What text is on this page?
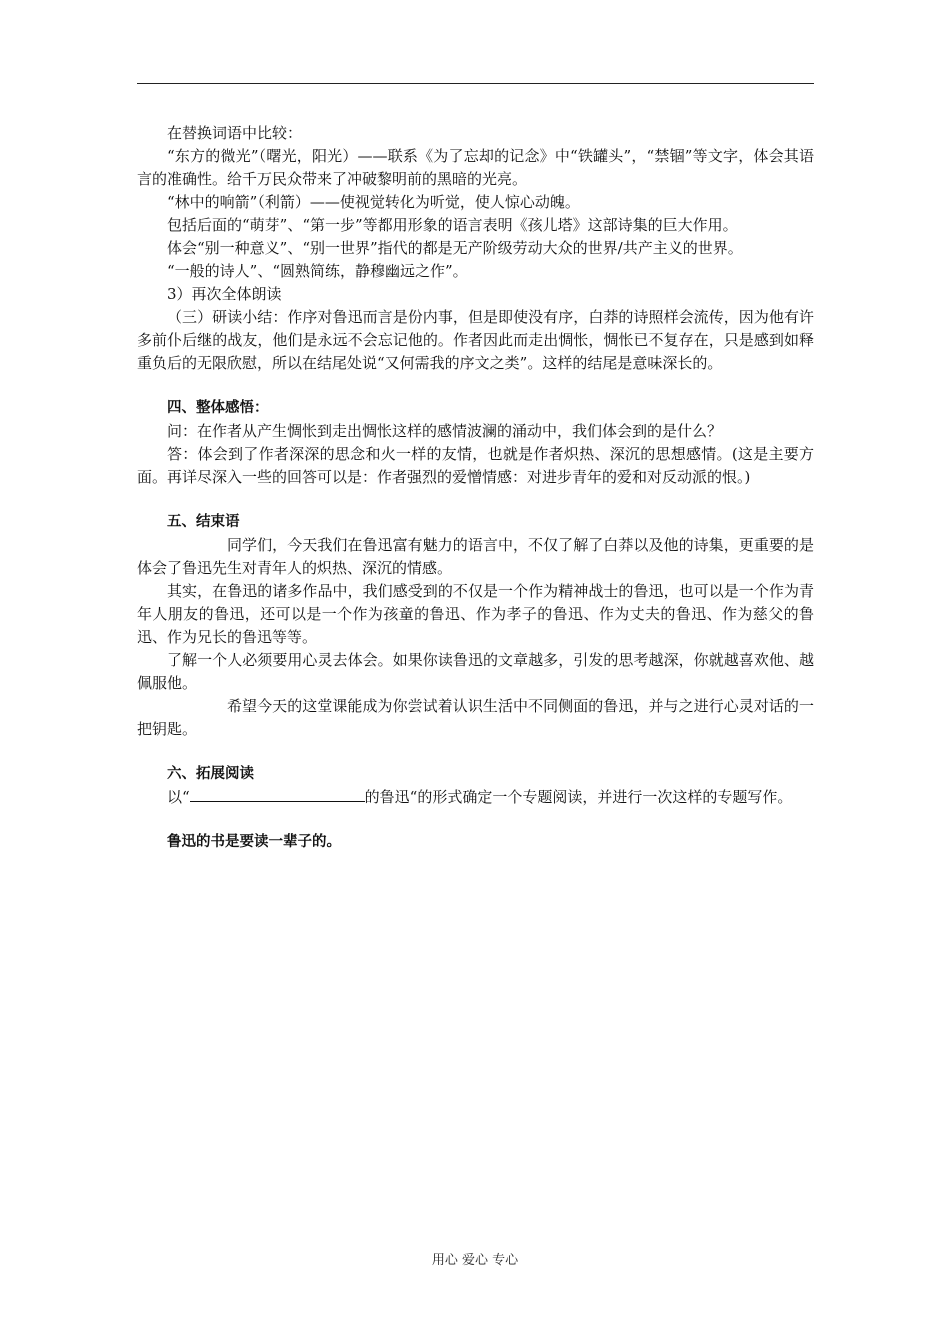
在替换词语中比较：

“东方的微光”（曙光，阳光）——联系《为了忘却的记念》中“铁罐头”，“禁锢”等文字，体会其语言的准确性。给千万民众带来了冲破黎明前的黑暗的光亮。

“林中的响箭”（利箭）——使视觉转化为听觉，使人惊心动魄。

包括后面的“萌芽”、“第一步”等都用形象的语言表明《孩儿塔》这部诗集的巨大作用。

体会“别一种意义”、“别一世界”指代的都是无产阶级劳动大众的世界/共产主义的世界。

“一般的诗人”、“圆熟简练，静穆幽远之作”。

3）再次全体朗读

（三）研读小结：作序对鲁迅而言是份内事，但是即使没有序，白莽的诗照样会流传，因为他有许多前仆后继的战友，他们是永远不会忘记他的。作者因此而走出惆怅，惆怅已不复存在，只是感到如释重负后的无限欣慰，所以在结尾处说“又何需我的序文之类”。这样的结尾是意味深长的。

四、整体感悟：

问：在作者从产生惆怅到走出惆怅这样的感情波澜的涌动中，我们体会到的是什么？

答：体会到了作者深深的思念和火一样的友情，也就是作者炽热、深沉的思想感情。(这是主要方面。再详尽深入一些的回答可以是：作者强烈的爱憎情感：对进步青年的爱和对反动派的恨。)

五、结束语

同学们，今天我们在鲁迅富有魅力的语言中，不仅了解了白莽以及他的诗集，更重要的是体会了鲁迅先生对青年人的炽热、深沉的情感。

其实，在鲁迅的诸多作品中，我们感受到的不仅是一个作为精神战士的鲁迅，也可以是一个作为青年人朋友的鲁迅，还可以是一个作为孩童的鲁迅、作为孝子的鲁迅、作为丈夫的鲁迅、作为慈父的鲁迅、作为兄长的鲁迅等等。

了解一个人必须要用心灵去体会。如果你读鲁迅的文章越多，引发的思考越深，你就越喜欢他、越佩服他。

希望今天的这堂课能成为你尝试着认识生活中不同侧面的鲁迅，并与之进行心灵对话的一把钥匙。

六、拓展阅读

以“	的鲁迅“的形式确定一个专题阅读，并进行一次这样的专题写作。

鲁迅的书是要读一辈子的。

用心 爱心 专心
